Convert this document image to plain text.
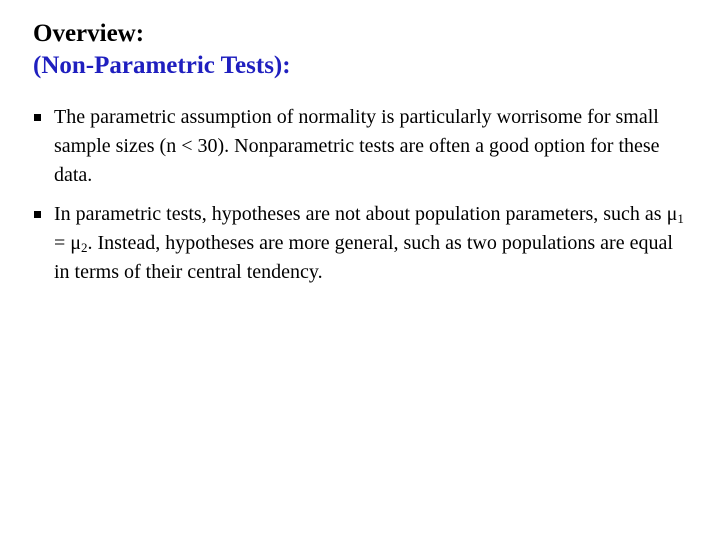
Overview:
(Non-Parametric Tests):
The parametric assumption of normality is particularly worrisome for small sample sizes (n < 30). Nonparametric tests are often a good option for these data.
In parametric tests, hypotheses are not about population parameters, such as $\mu_1 = \mu_2$. Instead, hypotheses are more general, such as two populations are equal in terms of their central tendency.
